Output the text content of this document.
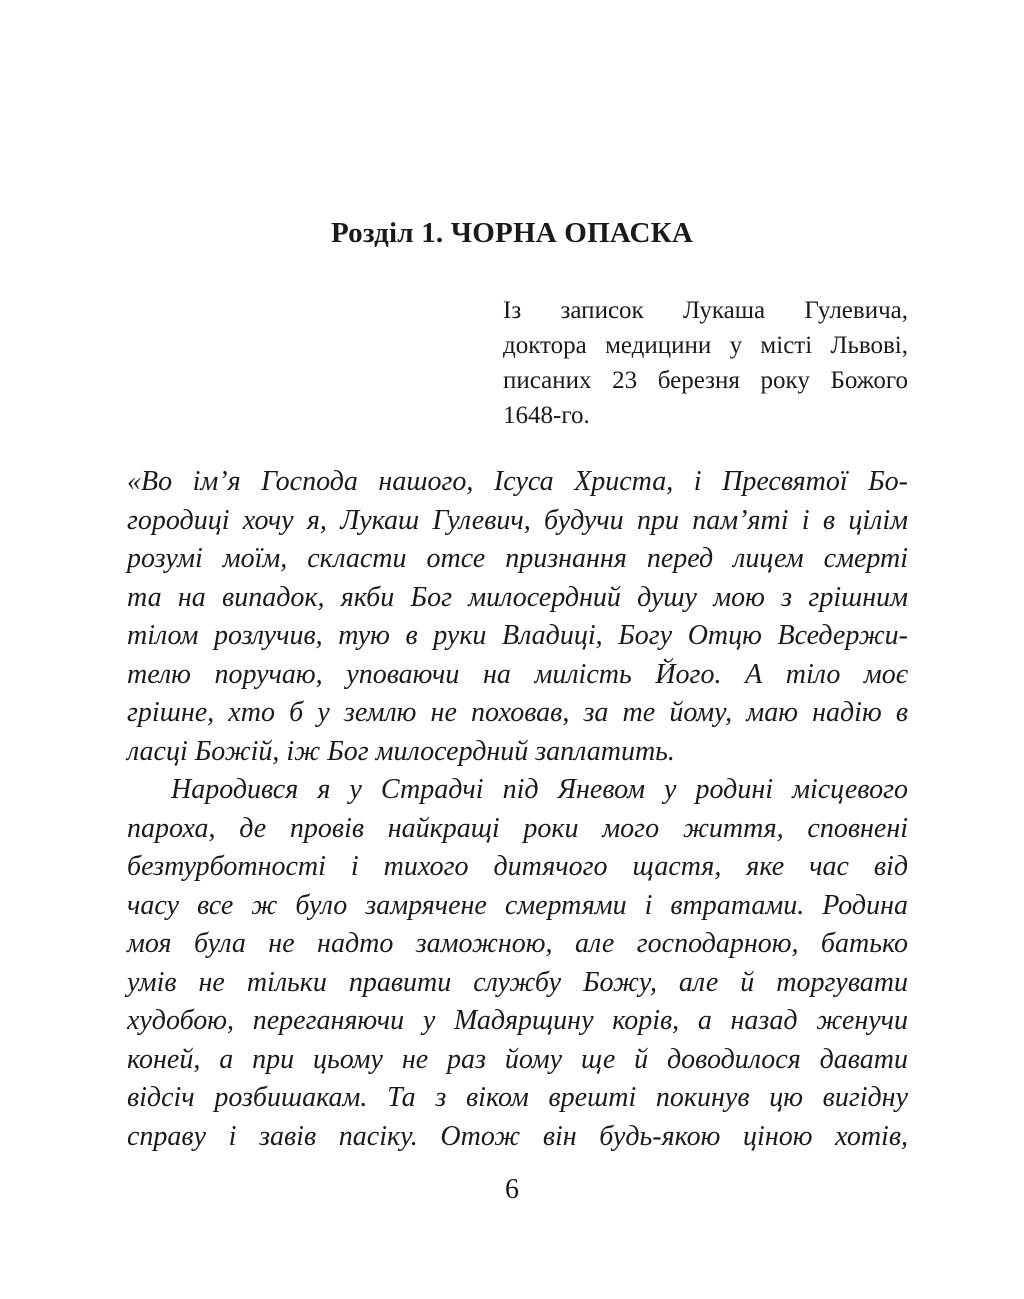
Розділ 1. ЧОРНА ОПАСКА
Із записок Лукаша Гулевича,
доктора медицини у місті Львові,
писаних 23 березня року Божого
1648-го.
«Во ім’я Господа нашого, Ісуса Христа, і Пресвятої Бо-
городиці хочу я, Лукаш Гулевич, будучи при пам’яті і в цілім
розумі моїм, скласти отсе признання перед лицем смерті
та на випадок, якби Бог милосердний душу мою з грішним
тілом розлучив, тую в руки Владиці, Богу Отцю Вседержи-
телю поручаю, уповаючи на милість Його. А тіло моє
грішне, хто б у землю не поховав, за те йому, маю надію в
ласці Божій, іж Бог милосердний заплатить.
Народився я у Страдчі під Яневом у родині місцевого
пароха, де провів найкращі роки мого життя, сповнені
безтурботності і тихого дитячого щастя, яке час від
часу все ж було замрячене смертями і втратами. Родина
моя була не надто заможною, але господарною, батько
умів не тільки правити службу Божу, але й торгувати
худобою, переганяючи у Мадярщину корів, а назад женучи
коней, а при цьому не раз йому ще й доводилося давати
відсіч розбишакам. Та з віком врешті покинув цю вигідну
справу і завів пасіку. Отож він будь-якою ціною хотів,
6
